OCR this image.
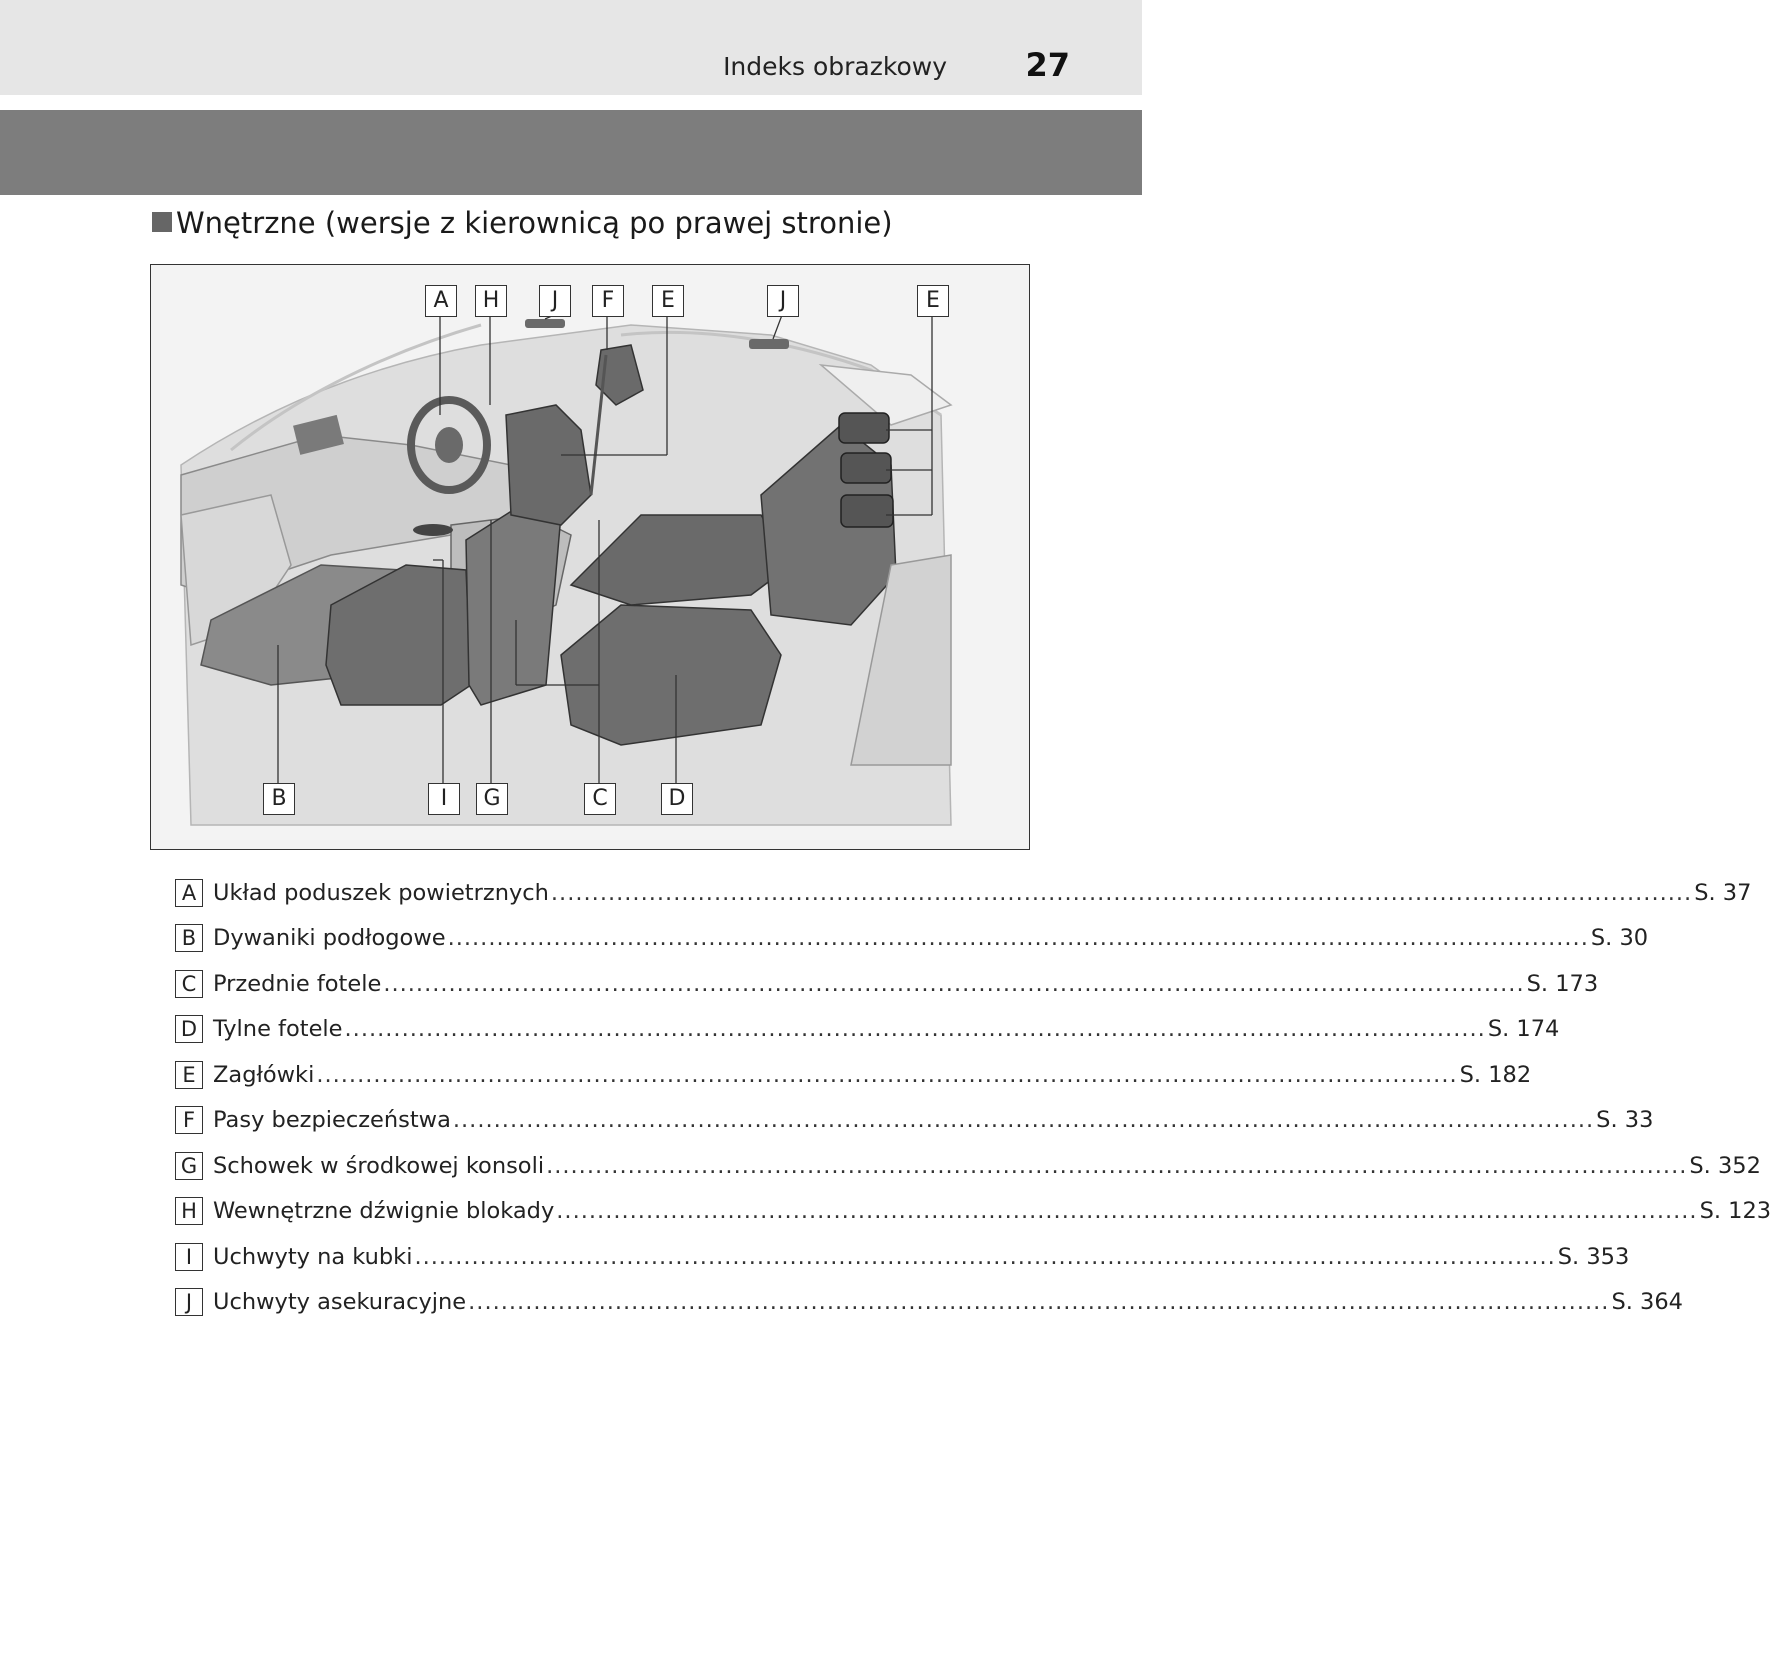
Indeks obrazkowy 27
Wnętrzne (wersje z kierownicą po prawej stronie)
A	H	J	F	E	J	E
B	I	G	C	D
A Układ poduszek powietrznych ............................................................................................................................................ S. 37
B Dywaniki podłogowe ............................................................................................................................................ S. 30
C Przednie fotele ............................................................................................................................................ S. 173
D Tylne fotele ............................................................................................................................................ S. 174
E Zagłówki ............................................................................................................................................ S. 182
F Pasy bezpieczeństwa ............................................................................................................................................ S. 33
G Schowek w środkowej konsoli ............................................................................................................................................ S. 352
H Wewnętrzne dźwignie blokady ............................................................................................................................................ S. 123
I Uchwyty na kubki ............................................................................................................................................ S. 353
J Uchwyty asekuracyjne ............................................................................................................................................ S. 364
